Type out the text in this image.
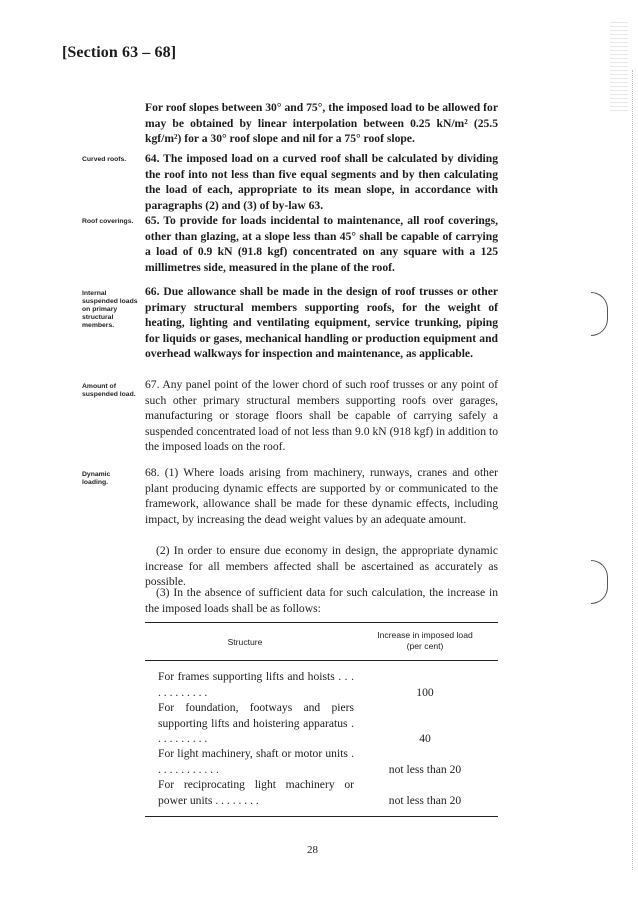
[Section 63 – 68]
For roof slopes between 30° and 75°, the imposed load to be allowed for may be obtained by linear interpolation between 0.25 kN/m² (25.5 kgf/m²) for a 30° roof slope and nil for a 75° roof slope.
Curved roofs.	64. The imposed load on a curved roof shall be calculated by dividing the roof into not less than five equal segments and by then calculating the load of each, appropriate to its mean slope, in accordance with paragraphs (2) and (3) of by-law 63.
Roof coverings.	65. To provide for loads incidental to maintenance, all roof coverings, other than glazing, at a slope less than 45° shall be capable of carrying a load of 0.9 kN (91.8 kgf) concentrated on any square with a 125 millimetres side, measured in the plane of the roof.
Internal suspended loads on primary structural members.
66. Due allowance shall be made in the design of roof trusses or other primary structural members supporting roofs, for the weight of heating, lighting and ventilating equipment, service trunking, piping for liquids or gases, mechanical handling or production equipment and overhead walkways for inspection and maintenance, as applicable.
Amount of suspended load.
67. Any panel point of the lower chord of such roof trusses or any point of such other primary structural members supporting roofs over garages, manufacturing or storage floors shall be capable of carrying safely a suspended concentrated load of not less than 9.0 kN (918 kgf) in addition to the imposed loads on the roof.
Dynamic loading.
68. (1) Where loads arising from machinery, runways, cranes and other plant producing dynamic effects are supported by or communicated to the framework, allowance shall be made for these dynamic effects, including impact, by increasing the dead weight values by an adequate amount.
(2) In order to ensure due economy in design, the appropriate dynamic increase for all members affected shall be ascertained as accurately as possible.
(3) In the absence of sufficient data for such calculation, the increase in the imposed loads shall be as follows:
Structure
Increase in imposed load (per cent)
For frames supporting lifts and hoists . . . . . . . . . . . .	100
For foundation, footways and piers supporting lifts and hoistering apparatus . . . . . . . . . .	40
For light machinery, shaft or motor units . . . . . . . . . . . .	not less than 20
For reciprocating light machinery or power units . . . . . . . .	not less than 20
28
